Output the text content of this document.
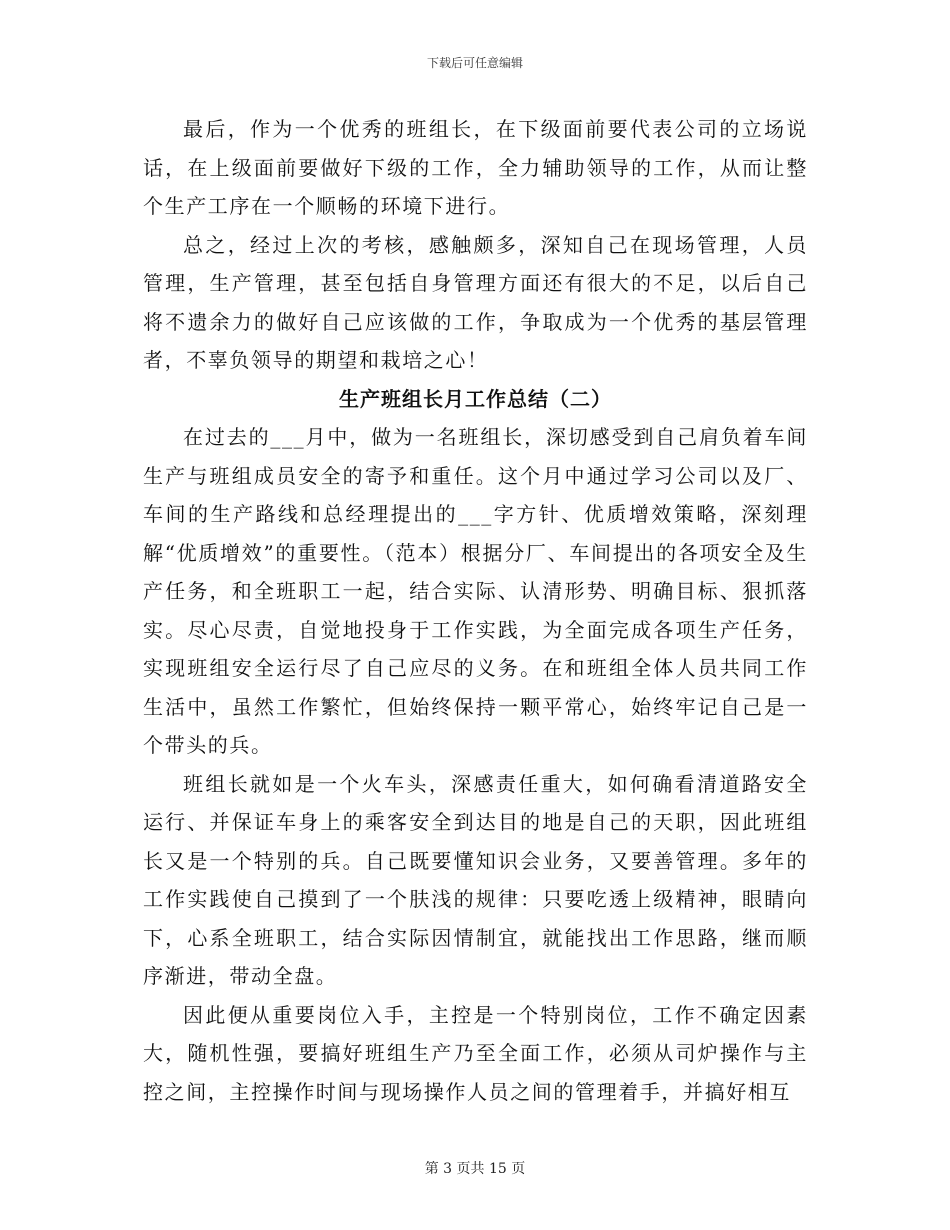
下载后可任意编辑

最后，作为一个优秀的班组长，在下级面前要代表公司的立场说话，在上级面前要做好下级的工作，全力辅助领导的工作，从而让整个生产工序在一个顺畅的环境下进行。

总之，经过上次的考核，感触颇多，深知自己在现场管理，人员管理，生产管理，甚至包括自身管理方面还有很大的不足，以后自己将不遗余力的做好自己应该做的工作，争取成为一个优秀的基层管理者，不辜负领导的期望和栽培之心！

生产班组长月工作总结（二）

在过去的___月中，做为一名班组长，深切感受到自己肩负着车间生产与班组成员安全的寄予和重任。这个月中通过学习公司以及厂、车间的生产路线和总经理提出的___字方针、优质增效策略，深刻理解“优质增效”的重要性。（范本）根据分厂、车间提出的各项安全及生产任务，和全班职工一起，结合实际、认清形势、明确目标、狠抓落实。尽心尽责，自觉地投身于工作实践，为全面完成各项生产任务，实现班组安全运行尽了自己应尽的义务。在和班组全体人员共同工作生活中，虽然工作繁忙，但始终保持一颗平常心，始终牢记自己是一个带头的兵。

班组长就如是一个火车头，深感责任重大，如何确看清道路安全运行、并保证车身上的乘客安全到达目的地是自己的天职，因此班组长又是一个特别的兵。自己既要懂知识会业务，又要善管理。多年的工作实践使自己摸到了一个肤浅的规律：只要吃透上级精神，眼睛向下，心系全班职工，结合实际因情制宜，就能找出工作思路，继而顺序渐进，带动全盘。

因此便从重要岗位入手，主控是一个特别岗位，工作不确定因素大，随机性强，要搞好班组生产乃至全面工作，必须从司炉操作与主控之间，主控操作时间与现场操作人员之间的管理着手，并搞好相互

第 3 页共 15 页
